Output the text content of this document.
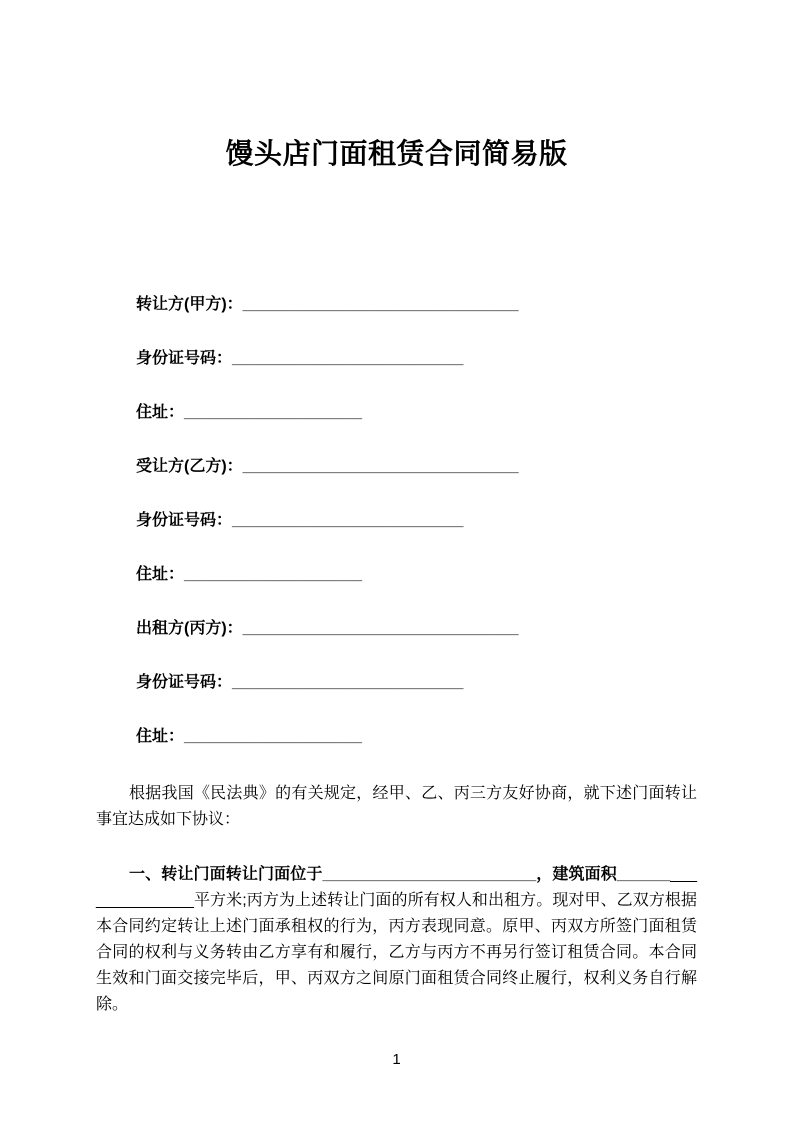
馒头店门面租赁合同简易版
转让方(甲方)：_______________________________
身份证号码：__________________________
住址：____________________
受让方(乙方)：_______________________________
身份证号码：__________________________
住址：____________________
出租方(丙方)：_______________________________
身份证号码：__________________________
住址：____________________

根据我国《民法典》的有关规定，经甲、乙、丙三方友好协商，就下述门面转让事宜达成如下协议：

一、转让门面转让门面位于________________________，建筑面积____________________平方米;丙方为上述转让门面的所有权人和出租方。现对甲、乙双方根据本合同约定转让上述门面承租权的行为，丙方表现同意。原甲、丙双方所签门面租赁合同的权利与义务转由乙方享有和履行，乙方与丙方不再另行签订租赁合同。本合同生效和门面交接完毕后，甲、丙双方之间原门面租赁合同终止履行，权利义务自行解除。

1
